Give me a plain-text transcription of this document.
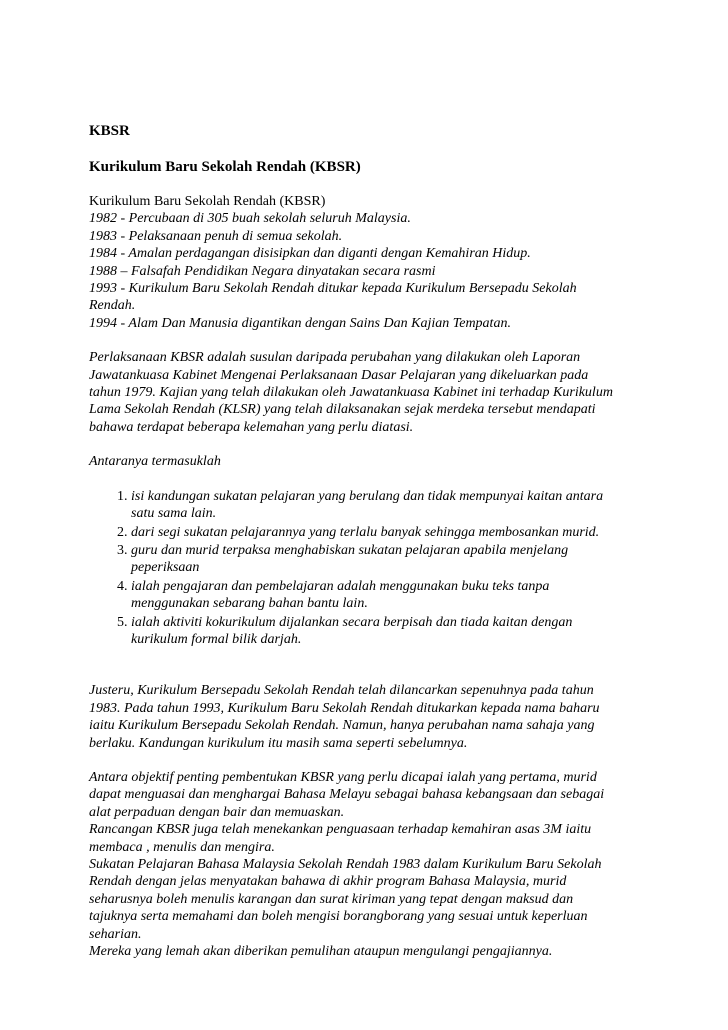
KBSR
Kurikulum Baru Sekolah Rendah (KBSR)
Kurikulum Baru Sekolah Rendah (KBSR)
1982 - Percubaan di 305 buah sekolah seluruh Malaysia.
1983 - Pelaksanaan penuh di semua sekolah.
1984 - Amalan perdagangan disisipkan dan diganti dengan Kemahiran Hidup.
1988 – Falsafah Pendidikan Negara dinyatakan secara rasmi
1993 - Kurikulum Baru Sekolah Rendah ditukar kepada Kurikulum Bersepadu Sekolah
Rendah.
1994 - Alam Dan Manusia digantikan dengan Sains Dan Kajian Tempatan.
Perlaksanaan KBSR adalah susulan daripada perubahan yang dilakukan oleh Laporan
Jawatankuasa Kabinet Mengenai Perlaksanaan Dasar Pelajaran yang dikeluarkan pada
tahun 1979. Kajian yang telah dilakukan oleh Jawatankuasa Kabinet ini terhadap Kurikulum
Lama Sekolah Rendah (KLSR) yang telah dilaksanakan sejak merdeka tersebut mendapati
bahawa terdapat beberapa kelemahan yang perlu diatasi.
Antaranya termasuklah
1. isi kandungan sukatan pelajaran yang berulang dan tidak mempunyai kaitan antara
satu sama lain.
2. dari segi sukatan pelajarannya yang terlalu banyak sehingga membosankan murid.
3. guru dan murid terpaksa menghabiskan sukatan pelajaran apabila menjelang
peperiksaan
4. ialah pengajaran dan pembelajaran adalah menggunakan buku teks tanpa
menggunakan sebarang bahan bantu lain.
5. ialah aktiviti kokurikulum dijalankan secara berpisah dan tiada kaitan dengan
kurikulum formal bilik darjah.
Justeru, Kurikulum Bersepadu Sekolah Rendah telah dilancarkan sepenuhnya pada tahun
1983. Pada tahun 1993, Kurikulum Baru Sekolah Rendah ditukarkan kepada nama baharu
iaitu Kurikulum Bersepadu Sekolah Rendah. Namun, hanya perubahan nama sahaja yang
berlaku. Kandungan kurikulum itu masih sama seperti sebelumnya.
Antara objektif penting pembentukan KBSR yang perlu dicapai ialah yang pertama, murid
dapat menguasai dan menghargai Bahasa Melayu sebagai bahasa kebangsaan dan sebagai
alat perpaduan dengan bair dan memuaskan.
Rancangan KBSR juga telah menekankan penguasaan terhadap kemahiran asas 3M iaitu
membaca , menulis dan mengira.
Sukatan Pelajaran Bahasa Malaysia Sekolah Rendah 1983 dalam Kurikulum Baru Sekolah
Rendah dengan jelas menyatakan bahawa di akhir program Bahasa Malaysia, murid
seharusnya boleh menulis karangan dan surat kiriman yang tepat dengan maksud dan
tajuknya serta memahami dan boleh mengisi borangborang yang sesuai untuk keperluan
seharian.
Mereka yang lemah akan diberikan pemulihan ataupun mengulangi pengajiannya.
